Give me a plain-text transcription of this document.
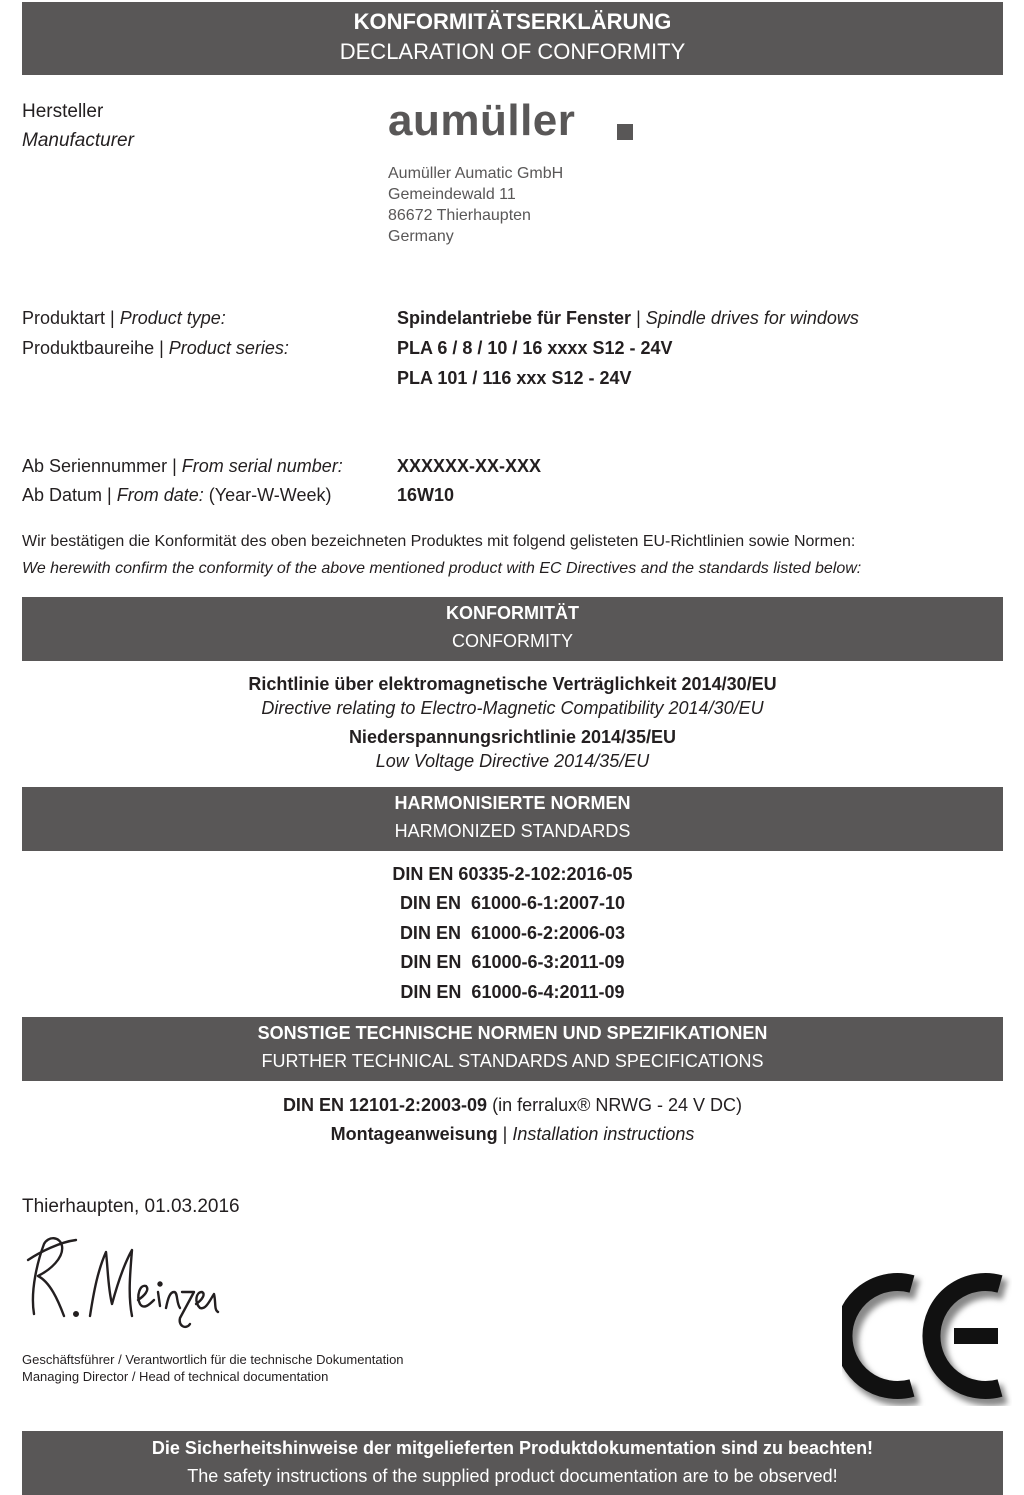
KONFORMITÄTSERKLÄRUNG
DECLARATION OF CONFORMITY
Hersteller
Manufacturer	aumüller
Aumüller Aumatic GmbH
Gemeindewald 11
86672 Thierhaupten
Germany
Produktart | Product type:	Spindelantriebe für Fenster | Spindle drives for windows
Produktbaureihe | Product series:	PLA 6 / 8 / 10 / 16 xxxx S12 - 24V
PLA 101 / 116 xxx S12 - 24V
Ab Seriennummer | From serial number:	XXXXXX-XX-XXX
Ab Datum | From date: (Year-W-Week)	16W10
Wir bestätigen die Konformität des oben bezeichneten Produktes mit folgend gelisteten EU-Richtlinien sowie Normen:
We herewith confirm the conformity of the above mentioned product with EC Directives and the standards listed below:
KONFORMITÄT
CONFORMITY
Richtlinie über elektromagnetische Verträglichkeit 2014/30/EU
Directive relating to Electro-Magnetic Compatibility 2014/30/EU
Niederspannungsrichtlinie 2014/35/EU
Low Voltage Directive 2014/35/EU
HARMONISIERTE NORMEN
HARMONIZED STANDARDS
DIN EN 60335-2-102:2016-05
DIN EN  61000-6-1:2007-10
DIN EN  61000-6-2:2006-03
DIN EN  61000-6-3:2011-09
DIN EN  61000-6-4:2011-09
SONSTIGE TECHNISCHE NORMEN UND SPEZIFIKATIONEN
FURTHER TECHNICAL STANDARDS AND SPECIFICATIONS
DIN EN 12101-2:2003-09 (in ferralux® NRWG - 24 V DC)
Montageanweisung | Installation instructions
Thierhaupten, 01.03.2016
Geschäftsführer / Verantwortlich für die technische Dokumentation
Managing Director / Head of technical documentation
Die Sicherheitshinweise der mitgelieferten Produktdokumentation sind zu beachten!
The safety instructions of the supplied product documentation are to be observed!
